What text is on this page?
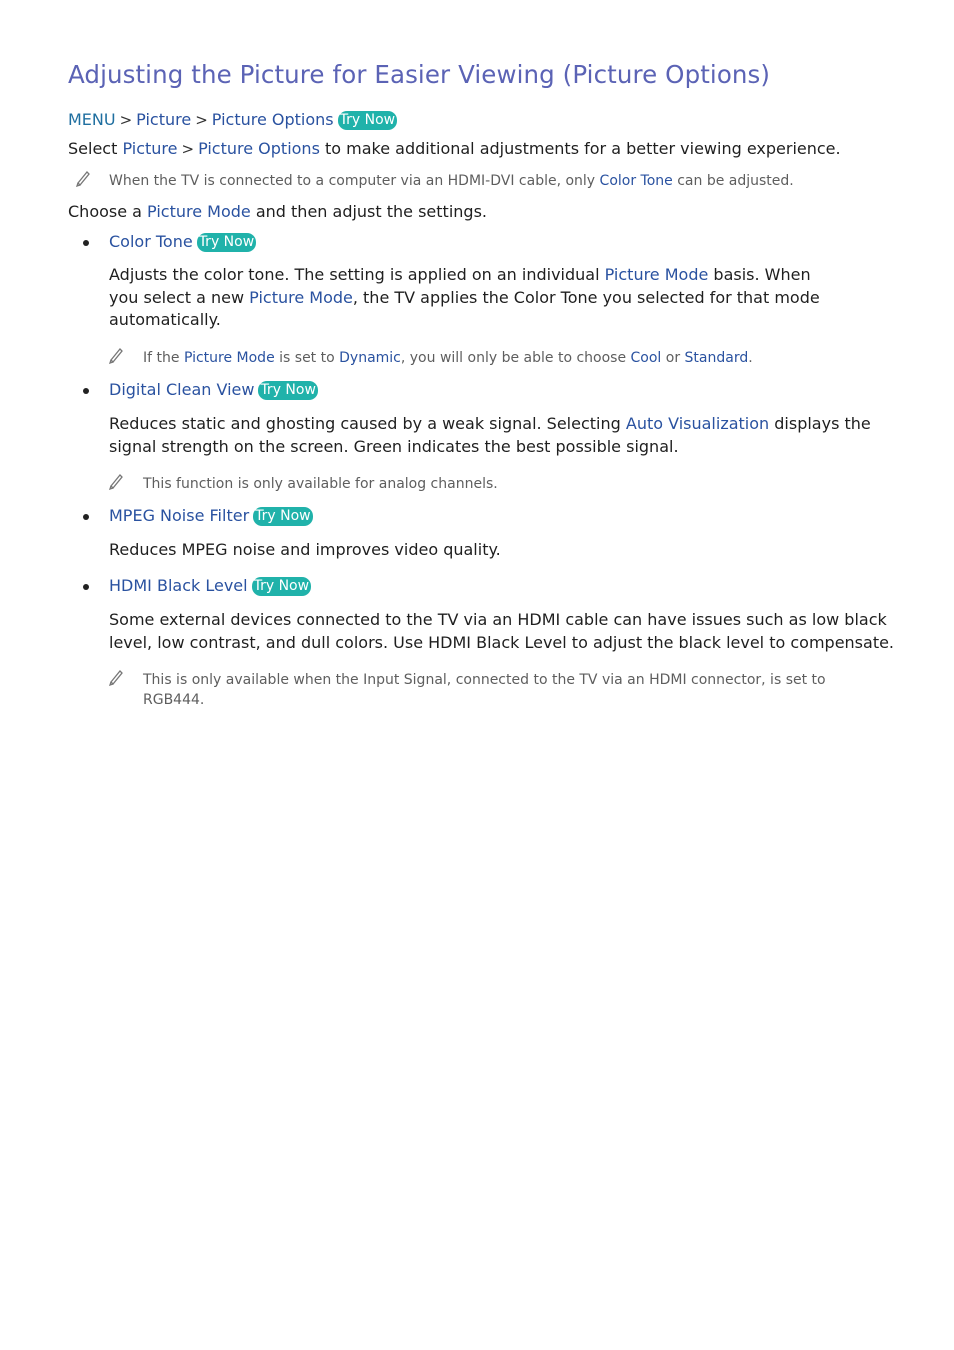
Adjusting the Picture for Easier Viewing (Picture Options)
MENU > Picture > Picture Options Try Now
Select Picture > Picture Options to make additional adjustments for a better viewing experience.
When the TV is connected to a computer via an HDMI-DVI cable, only Color Tone can be adjusted.
Choose a Picture Mode and then adjust the settings.
Color Tone Try Now
Adjusts the color tone. The setting is applied on an individual Picture Mode basis. When
you select a new Picture Mode, the TV applies the Color Tone you selected for that mode
automatically.
If the Picture Mode is set to Dynamic, you will only be able to choose Cool or Standard.
Digital Clean View Try Now
Reduces static and ghosting caused by a weak signal. Selecting Auto Visualization displays the
signal strength on the screen. Green indicates the best possible signal.
This function is only available for analog channels.
MPEG Noise Filter Try Now
Reduces MPEG noise and improves video quality.
HDMI Black Level Try Now
Some external devices connected to the TV via an HDMI cable can have issues such as low black
level, low contrast, and dull colors. Use HDMI Black Level to adjust the black level to compensate.
This is only available when the Input Signal, connected to the TV via an HDMI connector, is set to
RGB444.
